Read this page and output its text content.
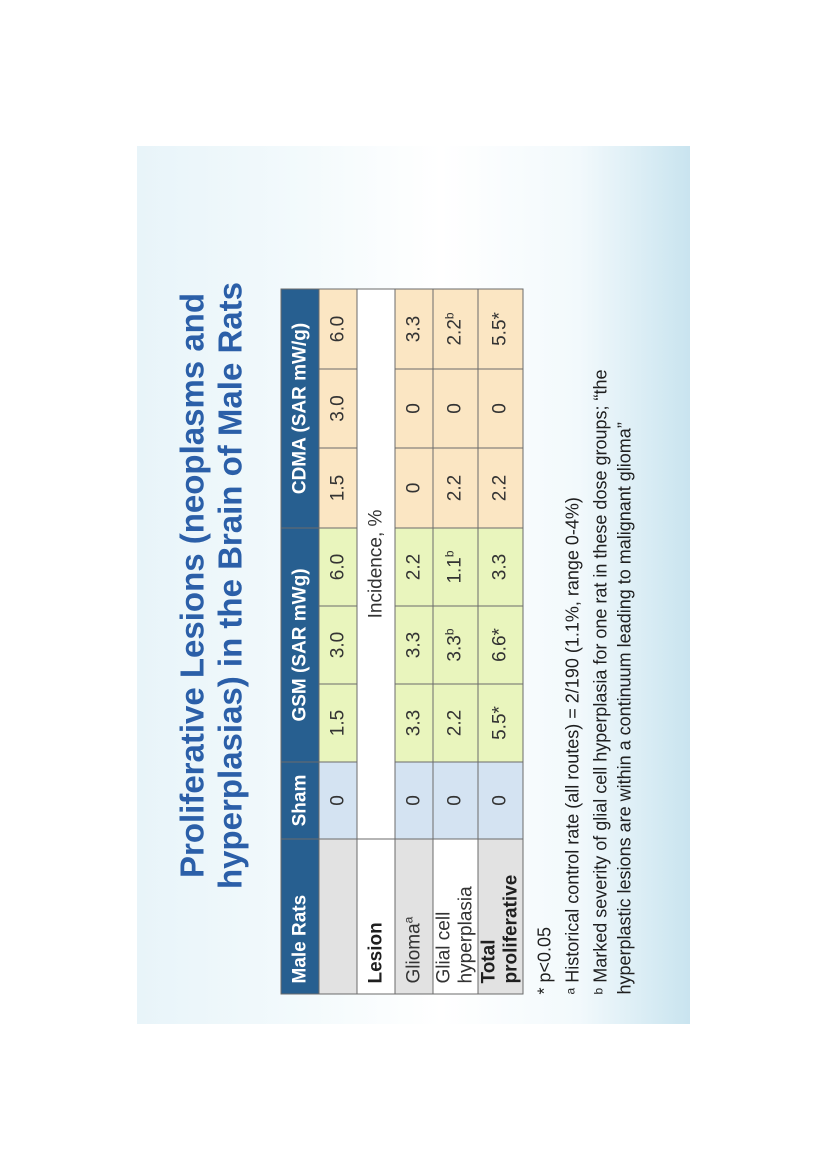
Proliferative Lesions (neoplasms and hyperplasias) in the Brain of Male Rats
Male Rats	Sham	GSM (SAR mWg)			CDMA (SAR mW/g)		
	0	1.5	3.0	6.0	1.5	3.0	6.0
Lesion	Incidence, %						
Glioma$^a$	0	3.3	3.3	2.2	0	0	3.3
Glial cell hyperplasia	0	2.2	3.3$^b$	1.1$^b$	2.2	0	2.2$^b$
Total proliferative	0	5.5*	6.6*	3.3	2.2	0	5.5*

* p<0.05 $^a$ Historical control rate (all routes) = 2/190 (1.1%, range 0-4%)

$^b$ Marked severity of glial cell hyperplasia for one rat in these dose groups; “the hyperplastic lesions are within a continuum leading to malignant glioma”
